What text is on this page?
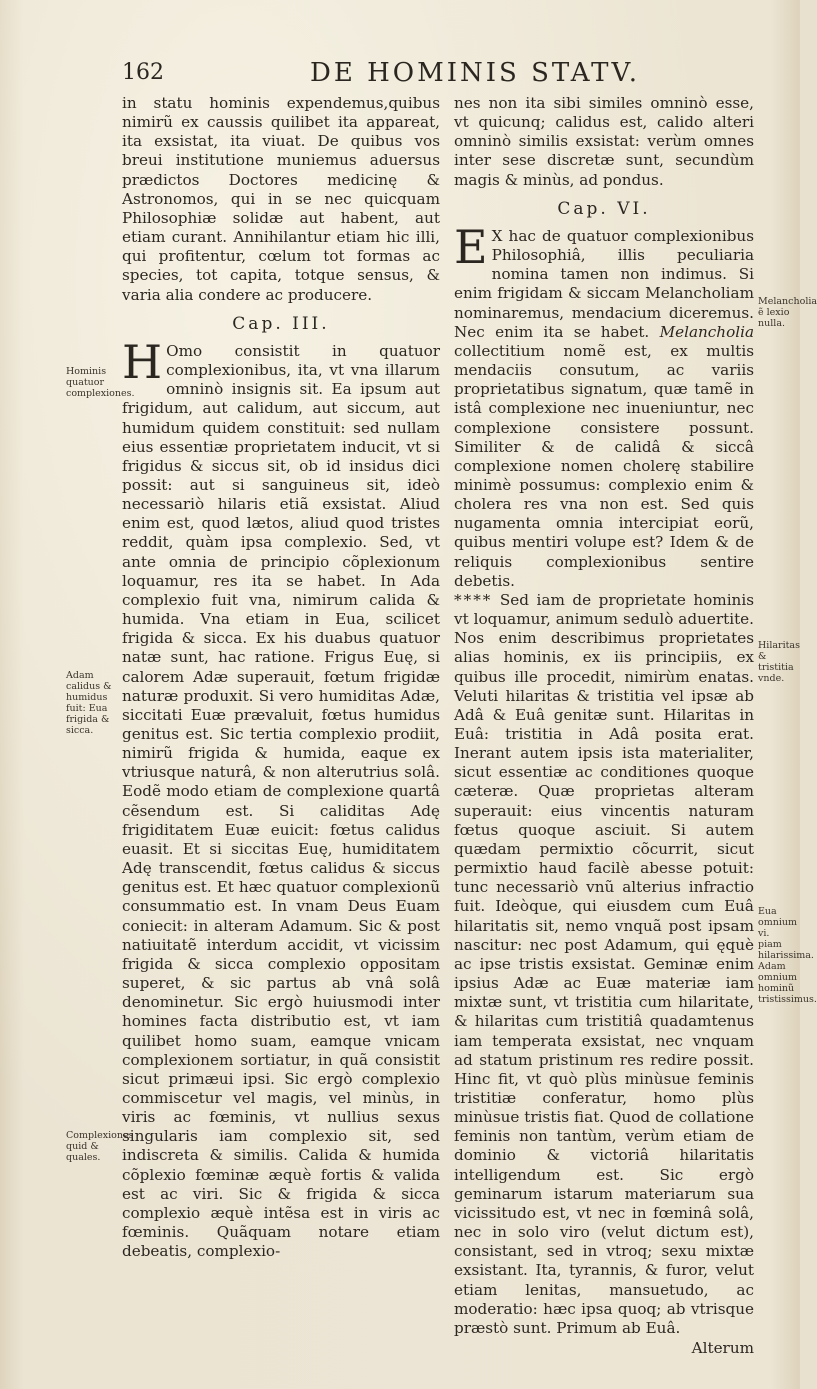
162	DE HOMINIS STATV.

in statu hominis expendemus,quibus nimirũ ex caussis quilibet ita appareat, ita exsistat, ita viuat. De quibus vos breui institutione muniemus aduersus prædictos Doctores medicinę & Astronomos, qui in se nec quicquam Philosophiæ solidæ aut habent, aut etiam curant. Annihilantur etiam hic illi, qui profitentur, cœlum tot formas ac species, tot capita, totque sensus, & varia alia condere ac producere.

Cap. III.

H Omo consistit in quatuor complexionibus, ita, vt vna illarum omninò insignis sit. Ea ipsum aut frigidum, aut calidum, aut siccum, aut humidum quidem constituit: sed nullam eius essentiæ proprietatem inducit, vt si frigidus & siccus sit, ob id insidus dici possit: aut si sanguineus sit, ideò necessariò hilaris etiã exsistat. Aliud enim est, quod lætos, aliud quod tristes reddit, quàm ipsa complexio. Sed, vt ante omnia de principio cõplexionum loquamur, res ita se habet. In Ada complexio fuit vna, nimirum calida & humida. Vna etiam in Eua, scilicet frigida & sicca. Ex his duabus quatuor natæ sunt, hac ratione. Frigus Euę, si calorem Adæ superauit, fœtum frigidæ naturæ produxit. Si vero humiditas Adæ, siccitati Euæ prævaluit, fœtus humidus genitus est. Sic tertia complexio prodiit, nimirũ frigida & humida, eaque ex vtriusque naturâ, & non alterutrius solâ. Eodẽ modo etiam de complexione quartâ cẽsendum est. Si caliditas Adę frigiditatem Euæ euicit: fœtus calidus euasit. Et si siccitas Euę, humiditatem Adę transcendit, fœtus calidus & siccus genitus est. Et hæc quatuor complexionũ consummatio est. In vnam Deus Euam coniecit: in alteram Adamum. Sic & post natiuitatẽ interdum accidit, vt vicissim frigida & sicca complexio oppositam superet, & sic partus ab vnâ solâ denominetur. Sic ergò huiusmodi inter homines facta distributio est, vt iam quilibet homo suam, eamque vnicam complexionem sortiatur, in quã consistit sicut primæui ipsi. Sic ergò complexio commiscetur vel magis, vel minùs, in viris ac fœminis, vt nullius sexus singularis iam complexio sit, sed indiscreta & similis. Calida & humida cõplexio fœminæ æquè fortis & valida est ac viri. Sic & frigida & sicca complexio æquè intẽsa est in viris ac fœminis. Quãquam notare etiam debeatis, complexio-

nes non ita sibi similes omninò esse, vt quicunq; calidus est, calido alteri omninò similis exsistat: verùm omnes inter sese discretæ sunt, secundùm magis & minùs, ad pondus.

Cap. VI.

E X hac de quatuor complexionibus Philosophiâ, illis peculiaria nomina tamen non indimus. Si enim frigidam & siccam Melancholiam nominaremus, mendacium diceremus. Nec enim ita se habet. Melancholia collectitium nomẽ est, ex multis mendaciis consutum, ac variis proprietatibus signatum, quæ tamẽ in istâ complexione nec inueniuntur, nec complexione consistere possunt. Similiter & de calidâ & siccâ complexione nomen cholerę stabilire minimè possumus: complexio enim & cholera res vna non est. Sed quis nugamenta omnia intercipiat eorũ, quibus mentiri volupe est? Idem & de reliquis complexionibus sentire debetis.

**** Sed iam de proprietate hominis vt loquamur, animum sedulò aduertite. Nos enim describimus proprietates alias hominis, ex iis principiis, ex quibus ille procedit, nimirùm enatas. Veluti hilaritas & tristitia vel ipsæ ab Adâ & Euâ genitæ sunt. Hilaritas in Euâ: tristitia in Adâ posita erat. Inerant autem ipsis ista materialiter, sicut essentiæ ac conditiones quoque cæteræ. Quæ proprietas alteram superauit: eius vincentis naturam fœtus quoque asciuit. Si autem quædam permixtio cõcurrit, sicut permixtio haud facilè abesse potuit: tunc necessariò vnũ alterius infractio fuit. Ideòque, qui eiusdem cum Euâ hilaritatis sit, nemo vnquã post ipsam nascitur: nec post Adamum, qui ęquè ac ipse tristis exsistat. Geminæ enim ipsius Adæ ac Euæ materiæ iam mixtæ sunt, vt tristitia cum hilaritate, & hilaritas cum tristitiâ quadamtenus iam temperata exsistat, nec vnquam ad statum pristinum res redire possit. Hinc fit, vt quò plùs minùsue feminis tristitiæ conferatur, homo plùs minùsue tristis fiat. Quod de collatione feminis non tantùm, verùm etiam de dominio & victoriâ hilaritatis intelligendum est. Sic ergò geminarum istarum materiarum sua vicissitudo est, vt nec in fœminâ solâ, nec in solo viro (velut dictum est), consistant, sed in vtroq; sexu mixtæ exsistant. Ita, tyrannis, & furor, velut etiam lenitas, mansuetudo, ac moderatio: hæc ipsa quoq; ab vtrisque præstò sunt. Primum ab Euâ.

Alterum
Hominis quatuor complexiones.
Adam calidus & humidus fuit: Eua frigida & sicca.
Complexiones quid & quales.
Melancholia ẽ lexio nulla.
Hilaritas & tristitia vnde.
Eua omnium vi. piam hilarissima. Adam omnium hominũ tristissimus.
